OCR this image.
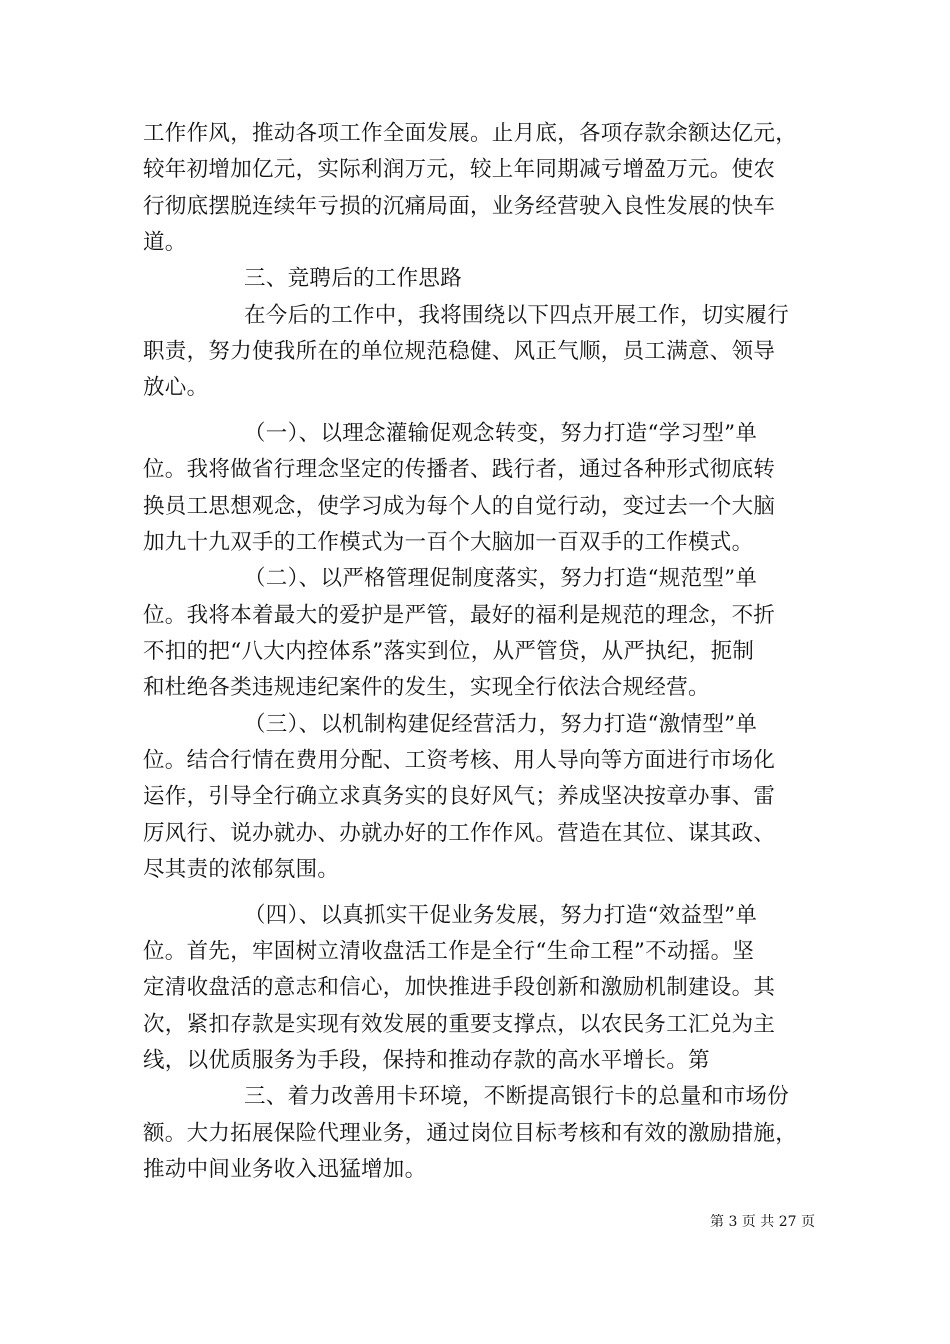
工作作风，推动各项工作全面发展。止月底，各项存款余额达亿元，
较年初增加亿元，实际利润万元，较上年同期减亏增盈万元。使农
行彻底摆脱连续年亏损的沉痛局面，业务经营驶入良性发展的快车
道。
三、竞聘后的工作思路
在今后的工作中，我将围绕以下四点开展工作，切实履行
职责，努力使我所在的单位规范稳健、风正气顺，员工满意、领导
放心。
（一）、以理念灌输促观念转变，努力打造“学习型”单
位。我将做省行理念坚定的传播者、践行者，通过各种形式彻底转
换员工思想观念，使学习成为每个人的自觉行动，变过去一个大脑
加九十九双手的工作模式为一百个大脑加一百双手的工作模式。
（二）、以严格管理促制度落实，努力打造“规范型”单
位。我将本着最大的爱护是严管，最好的福利是规范的理念，不折
不扣的把“八大内控体系”落实到位，从严管贷，从严执纪，扼制
和杜绝各类违规违纪案件的发生，实现全行依法合规经营。
（三）、以机制构建促经营活力，努力打造“激情型”单
位。结合行情在费用分配、工资考核、用人导向等方面进行市场化
运作，引导全行确立求真务实的良好风气；养成坚决按章办事、雷
厉风行、说办就办、办就办好的工作作风。营造在其位、谋其政、
尽其责的浓郁氛围。
（四）、以真抓实干促业务发展，努力打造“效益型”单
位。首先，牢固树立清收盘活工作是全行“生命工程”不动摇。坚
定清收盘活的意志和信心，加快推进手段创新和激励机制建设。其
次，紧扣存款是实现有效发展的重要支撑点，以农民务工汇兑为主
线，以优质服务为手段，保持和推动存款的高水平增长。第
三、着力改善用卡环境，不断提高银行卡的总量和市场份
额。大力拓展保险代理业务，通过岗位目标考核和有效的激励措施，
推动中间业务收入迅猛增加。
第 3 页 共 27 页
